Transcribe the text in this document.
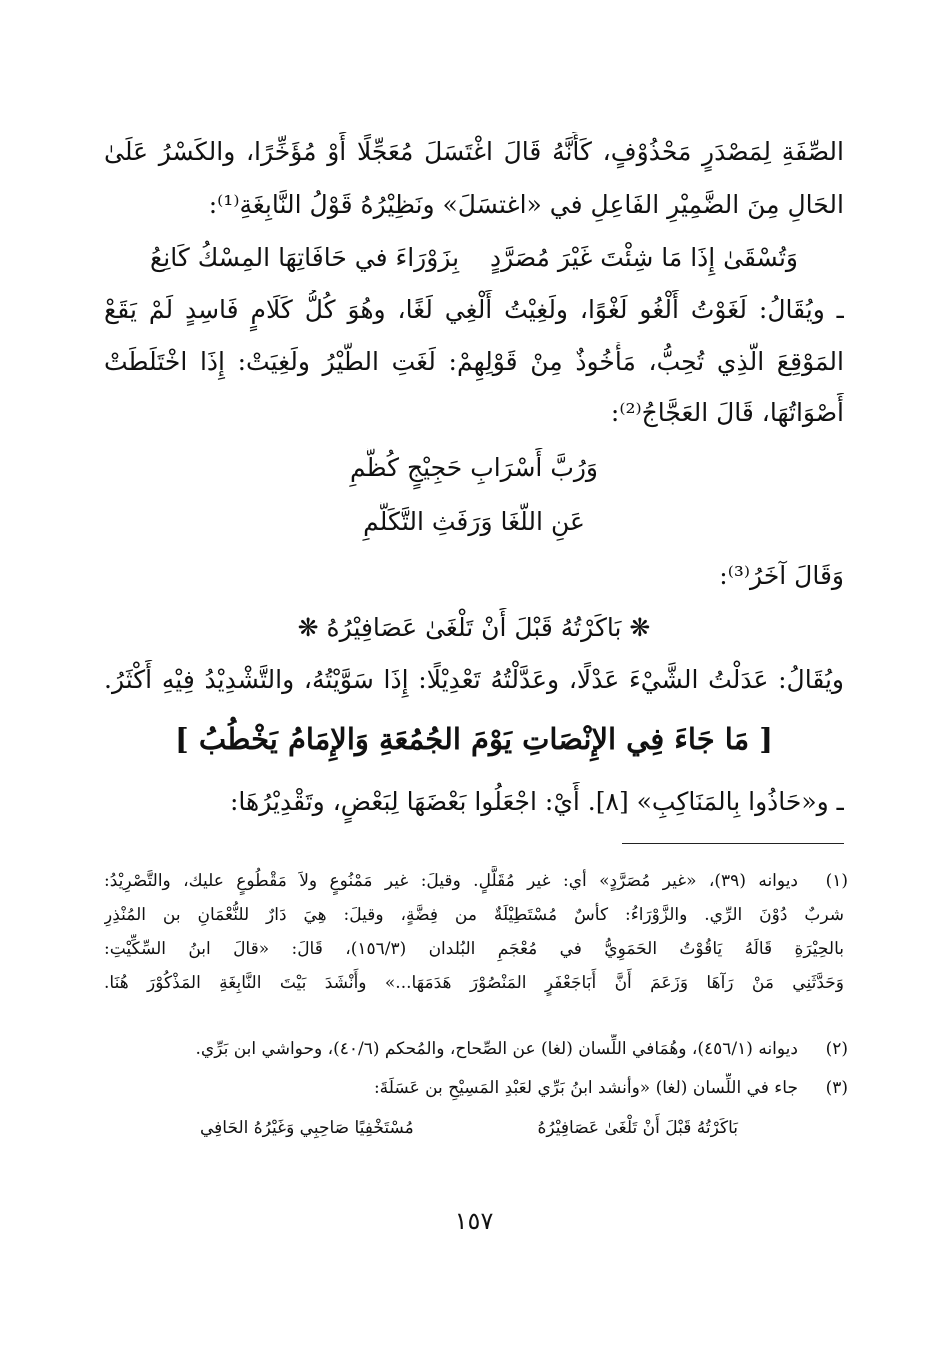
الصِّفَةِ لِمَصْدَرٍ مَحْذُوْفٍ، كَأَنَّهُ قَالَ اغْتَسَلَ مُعَجِّلًا أَوْ مُؤَخِّرًا، والكَسْرُ عَلَىٰ
الحَالِ مِنَ الضَّمِيْرِ الفَاعِلِ في «اغتسَلَ» ونَظِيْرُهُ قَوْلُ النَّابِغَةِ⁽¹⁾:
وَتُسْقَىٰ إِذَا مَا شِئْتَ غَيْرَ مُصَرَّدٍ
بِزَوْرَاءَ في حَافَاتِهَا المِسْكُ كَانِعُ
ـ ويُقَالُ: لَغَوْتُ أَلْغُو لَغْوًا، ولَغِيْتُ أَلْغِي لَغًا، وهُوَ كُلُّ كَلَامٍ فَاسِدٍ لَمْ يَقَعْ
المَوْقِعَ الَّذِي تُحِبُّ، مَأْخُوذٌ مِنْ قَوْلِهِمْ: لَغَتِ الطَّيْرُ ولَغِيَتْ: إِذَا اخْتَلَطَتْ
أَصْوَاتُهَا، قَالَ العَجَّاجُ⁽²⁾:
وَرُبَّ أَسْرَابِ حَجِيْجٍ كُظَّمِ
عَنِ اللَّغَا وَرَفَثِ التَّكَلُّمِ
وَقَالَ آخَرُ⁽³⁾:
❋ بَاكَرْتُهُ قَبْلَ أَنْ تَلْغَىٰ عَصَافِيْرُهُ ❋
ويُقَالُ: عَدَلْتُ الشَّيْءَ عَدْلًا، وعَدَّلْتُهُ تَعْدِيْلًا: إِذَا سَوَّيْتُهُ، والتَّشْدِيْدُ فِيْهِ أَكْثَرُ.
[ مَا جَاءَ فِي الإِنْصَاتِ يَوْمَ الجُمُعَةِ وَالإِمَامُ يَخْطُبُ ]
ـ و«حَاذُوا بِالمَنَاكِبِ» [٨]. أَيْ: اجْعَلُوا بَعْضَهَا لِبَعْضٍ، وتَقْدِيْرُهَا:
(١)
ديوانه (٣٩)، «غير مُصَرَّدٍ» أي: غير مُقَلَّلٍ. وقيلَ: غير مَمْنُوعٍ ولاَ مَقْطُوعٍ عليك، والتَّصْرِيْدُ:
شربٌ دُوْنَ الرِّي. والزَّوْرَاءُ: كأسٌ مُسْتَطِيْلَةٌ من فِضَّةٍ، وقيلَ: هِيَ دَارٌ للنُّعْمَانِ بن المُنْذِرِ
بالحِيْرَةِ قَالَهُ يَاقُوْتُ الحَمَوِيُّ في مُعْجَمِ البُلدان (١٥٦/٣)، قَالَ: «قالَ ابنُ السِّكِّيْتِ:
وَحَدَّثَنِي مَنْ رَآهَا وَزَعَمَ أَنَّ أَبَاجَعْفَرٍ المَنْصُوْرَ هَدَمَهَا...» وأَنْشَدَ بَيْتَ النَّابِغَةِ المَذْكُوْرَ هُنَا.
(٢)
ديوانه (٤٥٦/١)، وهُمَافي اللِّسان (لغا) عن الصِّحاح، والمُحكم (٤٠/٦)، وحواشي ابن بَرِّي.
(٣)
جاء في اللِّسان (لغا) «وأنشد ابنُ بَرِّي لعَبْدِ المَسِيْحِ بن عَسَلَةَ:
بَاكَرْتُهُ قَبْلَ أَنْ تَلْغَىٰ عَصَافِيْرُهُ
مُسْتَخْفِيًا صَاحِبِي وَغَيْرُهُ الحَافِي
١٥٧
